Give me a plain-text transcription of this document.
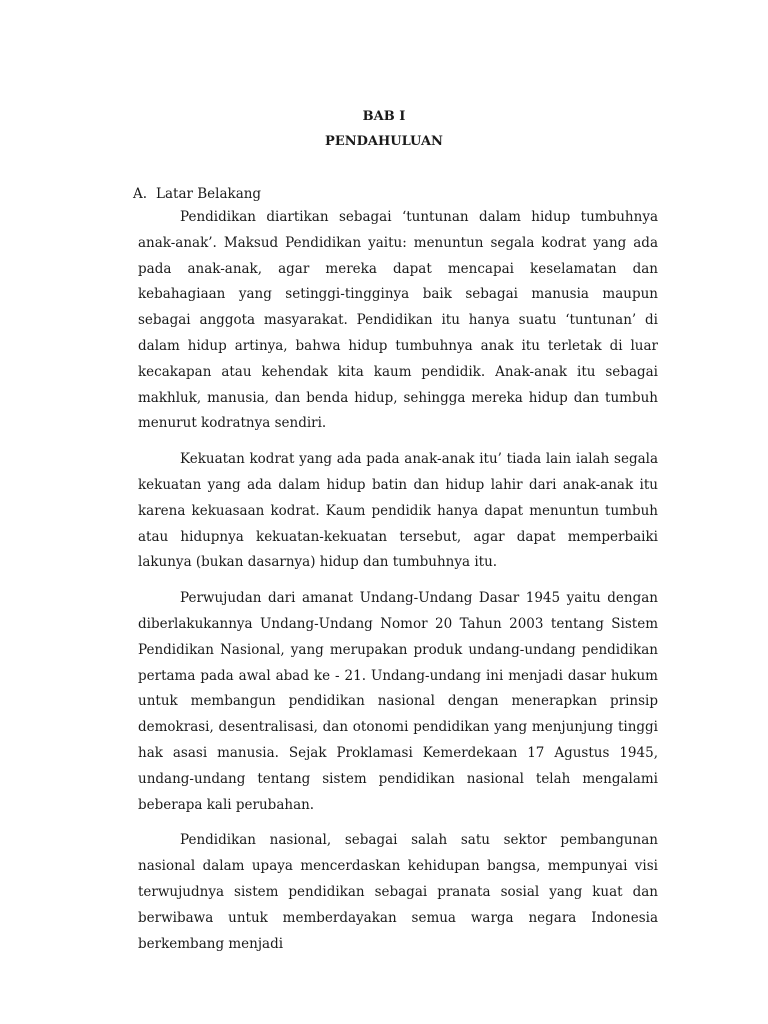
BAB I
PENDAHULUAN
A. Latar Belakang

Pendidikan diartikan sebagai ‘tuntunan dalam hidup tumbuhnya anak-anak’. Maksud Pendidikan yaitu: menuntun segala kodrat yang ada pada anak-anak, agar mereka dapat mencapai keselamatan dan kebahagiaan yang setinggi-tingginya baik sebagai manusia maupun sebagai anggota masyarakat. Pendidikan itu hanya suatu ‘tuntunan’ di dalam hidup artinya, bahwa hidup tumbuhnya anak itu terletak di luar kecakapan atau kehendak kita kaum pendidik. Anak-anak itu sebagai makhluk, manusia, dan benda hidup, sehingga mereka hidup dan tumbuh menurut kodratnya sendiri.

Kekuatan kodrat yang ada pada anak-anak itu’ tiada lain ialah segala kekuatan yang ada dalam hidup batin dan hidup lahir dari anak-anak itu karena kekuasaan kodrat. Kaum pendidik hanya dapat menuntun tumbuh atau hidupnya kekuatan-kekuatan tersebut, agar dapat memperbaiki lakunya (bukan dasarnya) hidup dan tumbuhnya itu.

Perwujudan dari amanat Undang-Undang Dasar 1945 yaitu dengan diberlakukannya Undang-Undang Nomor 20 Tahun 2003 tentang Sistem Pendidikan Nasional, yang merupakan produk undang-undang pendidikan pertama pada awal abad ke - 21. Undang-undang ini menjadi dasar hukum untuk membangun pendidikan nasional dengan menerapkan prinsip demokrasi, desentralisasi, dan otonomi pendidikan yang menjunjung tinggi hak asasi manusia. Sejak Proklamasi Kemerdekaan 17 Agustus 1945, undang-undang tentang sistem pendidikan nasional telah mengalami beberapa kali perubahan.

Pendidikan nasional, sebagai salah satu sektor pembangunan nasional dalam upaya mencerdaskan kehidupan bangsa, mempunyai visi terwujudnya sistem pendidikan sebagai pranata sosial yang kuat dan berwibawa untuk memberdayakan semua warga negara Indonesia berkembang menjadi
